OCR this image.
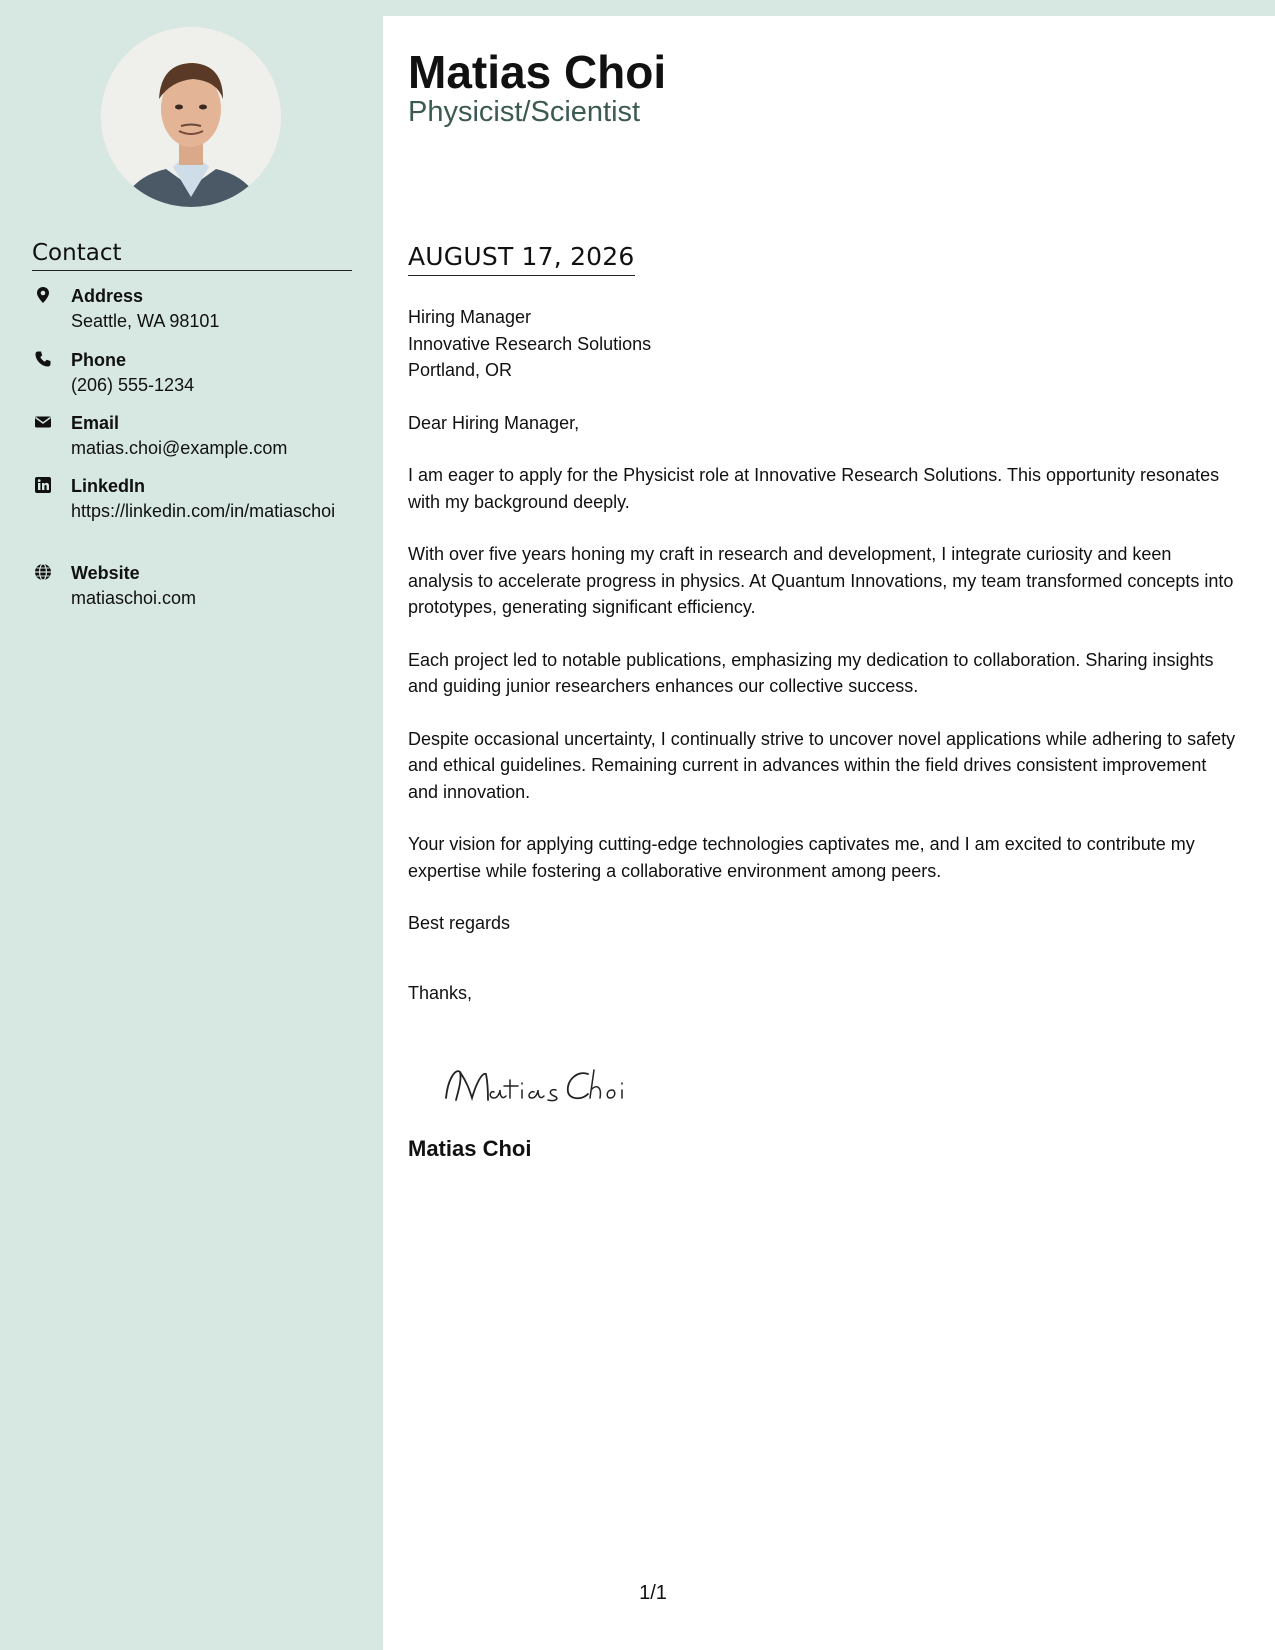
Contact
Address
Seattle, WA 98101
Phone
(206) 555-1234
Email
matias.choi@example.com
LinkedIn
https://linkedin.com/in/matiaschoi
Website
matiaschoi.com
Matias Choi
Physicist/Scientist
AUGUST 17, 2026
Hiring Manager
Innovative Research Solutions
Portland, OR

Dear Hiring Manager,

I am eager to apply for the Physicist role at Innovative Research Solutions. This opportunity resonates with my background deeply.

With over five years honing my craft in research and development, I integrate curiosity and keen analysis to accelerate progress in physics. At Quantum Innovations, my team transformed concepts into prototypes, generating significant efficiency.

Each project led to notable publications, emphasizing my dedication to collaboration. Sharing insights and guiding junior researchers enhances our collective success.

Despite occasional uncertainty, I continually strive to uncover novel applications while adhering to safety and ethical guidelines. Remaining current in advances within the field drives consistent improvement and innovation.

Your vision for applying cutting-edge technologies captivates me, and I am excited to contribute my expertise while fostering a collaborative environment among peers.

Best regards

Thanks,

Matias Choi
1/1
